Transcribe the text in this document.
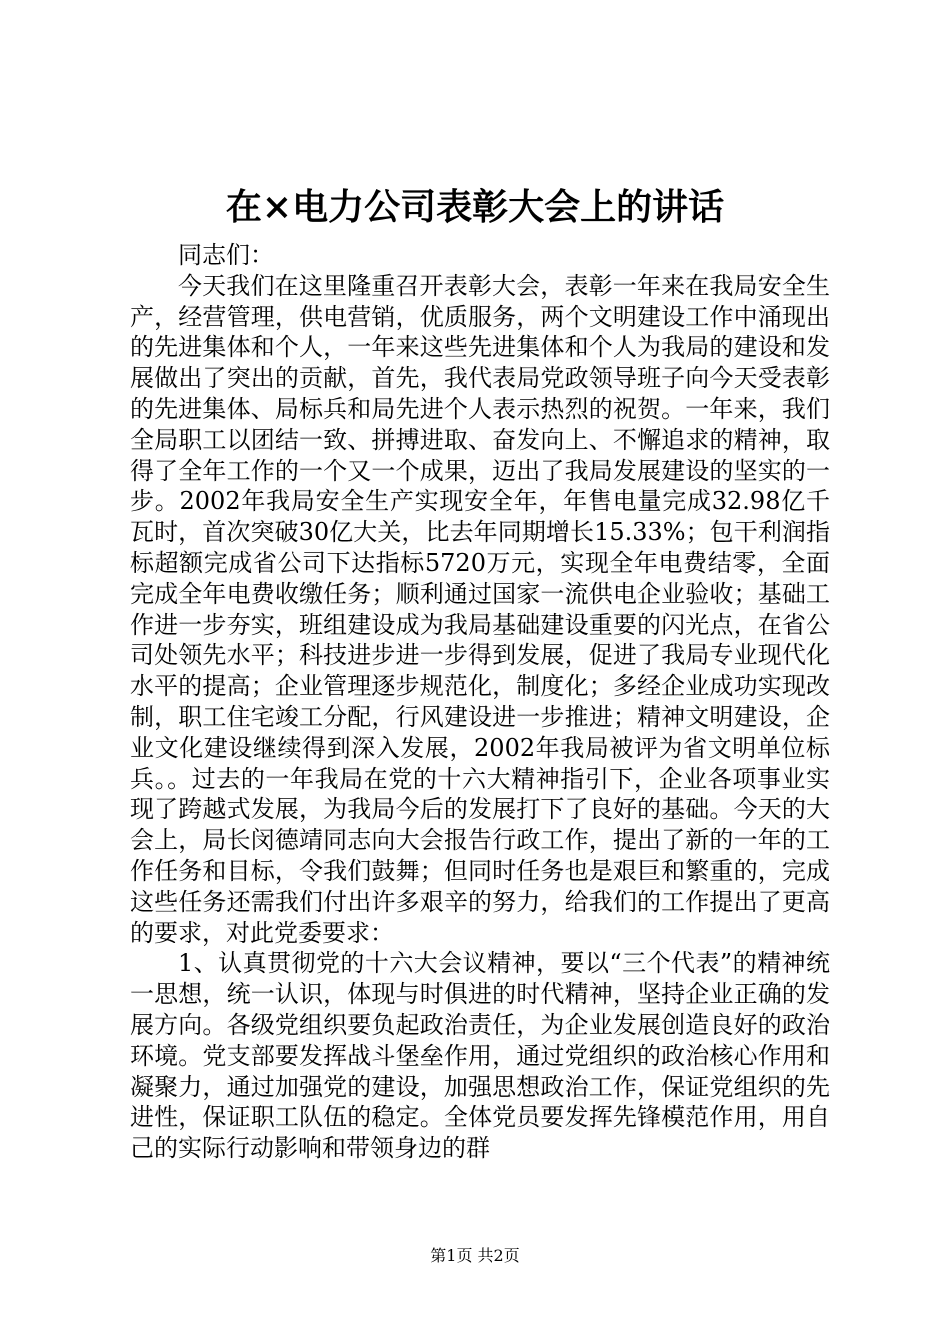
在×电力公司表彰大会上的讲话

同志们：

今天我们在这里隆重召开表彰大会，表彰一年来在我局安全生产，经营管理，供电营销，优质服务，两个文明建设工作中涌现出的先进集体和个人，一年来这些先进集体和个人为我局的建设和发展做出了突出的贡献，首先，我代表局党政领导班子向今天受表彰的先进集体、局标兵和局先进个人表示热烈的祝贺。一年来，我们全局职工以团结一致、拼搏进取、奋发向上、不懈追求的精神，取得了全年工作的一个又一个成果，迈出了我局发展建设的坚实的一步。2002年我局安全生产实现安全年，年售电量完成32.98亿千瓦时，首次突破30亿大关，比去年同期增长15.33%；包干利润指标超额完成省公司下达指标5720万元，实现全年电费结零，全面完成全年电费收缴任务；顺利通过国家一流供电企业验收；基础工作进一步夯实，班组建设成为我局基础建设重要的闪光点，在省公司处领先水平；科技进步进一步得到发展，促进了我局专业现代化水平的提高；企业管理逐步规范化，制度化；多经企业成功实现改制，职工住宅竣工分配，行风建设进一步推进；精神文明建设，企业文化建设继续得到深入发展，2002年我局被评为省文明单位标兵。。过去的一年我局在党的十六大精神指引下，企业各项事业实现了跨越式发展，为我局今后的发展打下了良好的基础。今天的大会上，局长闵德靖同志向大会报告行政工作，提出了新的一年的工作任务和目标，令我们鼓舞；但同时任务也是艰巨和繁重的，完成这些任务还需我们付出许多艰辛的努力，给我们的工作提出了更高的要求，对此党委要求：

1、认真贯彻党的十六大会议精神，要以“三个代表”的精神统一思想，统一认识，体现与时俱进的时代精神，坚持企业正确的发展方向。各级党组织要负起政治责任，为企业发展创造良好的政治环境。党支部要发挥战斗堡垒作用，通过党组织的政治核心作用和凝聚力，通过加强党的建设，加强思想政治工作，保证党组织的先进性，保证职工队伍的稳定。全体党员要发挥先锋模范作用，用自己的实际行动影响和带领身边的群

第1页 共2页
